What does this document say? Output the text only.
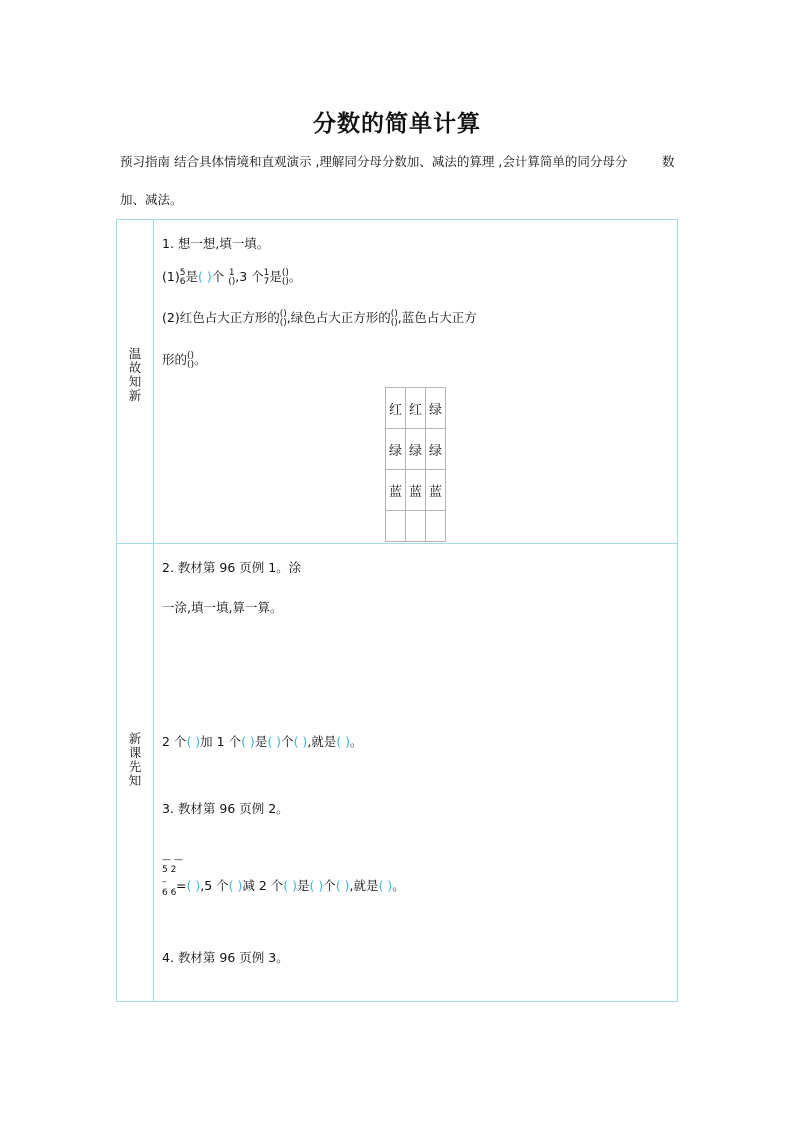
分数的简单计算
预习指南 结合具体情境和直观演示 ,理解同分母分数加、减法的算理 ,会计算简单的同分母分	数
加、减法。
温故知新
新课先知
1. 想一想,填一填。
(1) 5
6 是( )个 1
() ,3 个 1
7 是 ()
() 。
(2)红色占大正方形的 ()
() ,绿色占大正方形的 ()
() ,蓝色占大正方
形的 ()
() 。
红	红	绿
绿	绿	绿
蓝	蓝	蓝

2. 教材第 96 页例 1。涂
一涂,填一填,算一算。
2 个( )加 1 个( )是( )个( ),就是( )。
3. 教材第 96 页例 2。
— —
5 2
–
6 6 =( ),5 个( )减 2 个( )是( )个( ),就是( )。
4. 教材第 96 页例 3。
